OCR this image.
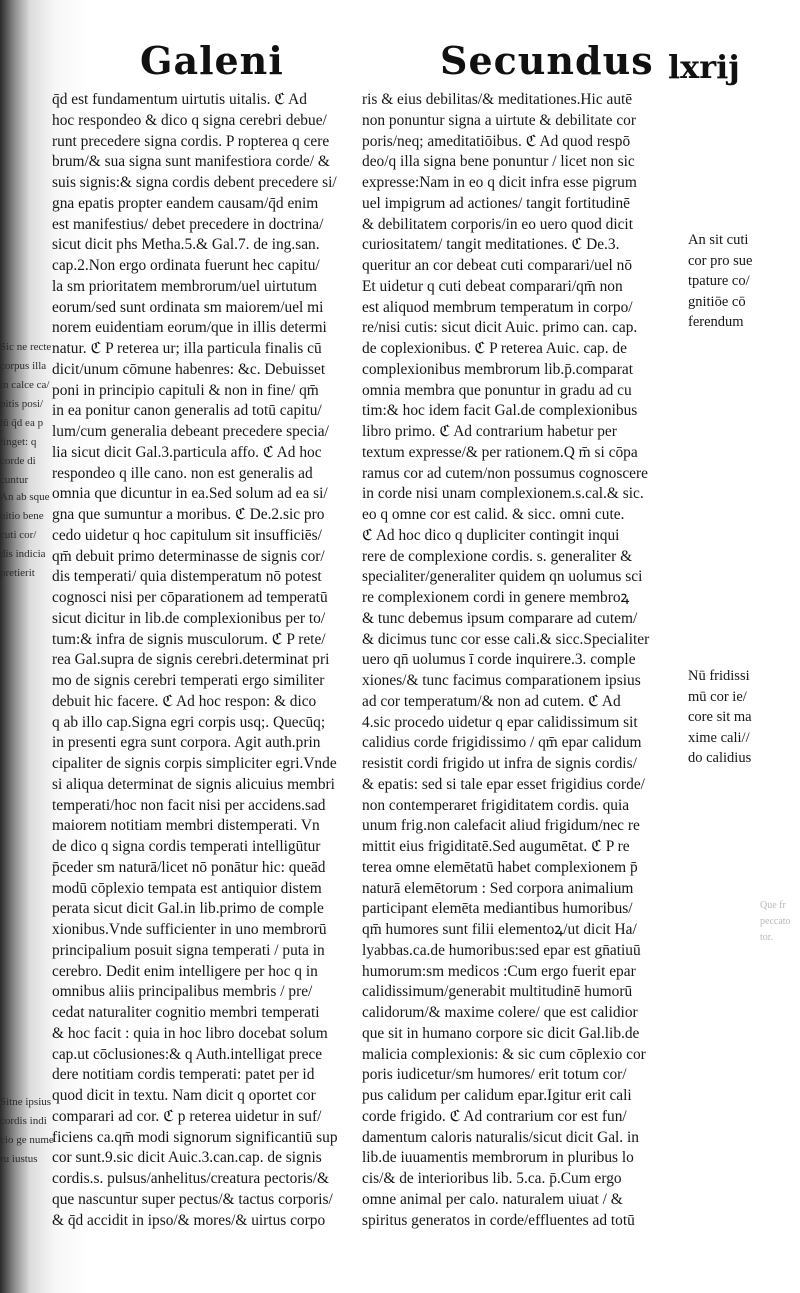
Galeni	Secundus lxrij
Sic ne recte
corpus illa
in calce ca/
pitis posi/
tū q̄d ea p
tinget: q
corde di
cuntur
An ab sque
uitio bene
cuti cor/
dis indicia
pretierit
Sitne ipsius
cordis indi
cio ge nume
ru iustus
q̄d est fundamentum uirtutis uitalis. ℭ Ad
hoc respondeo & dico q signa cerebri debue/
runt precedere signa cordis. P ropterea q cere
brum/& sua signa sunt manifestiora corde/ &
suis signis:& signa cordis debent precedere si/
gna epatis propter eandem causam/q̄d enim
est manifestius/ debet precedere in doctrina/
sicut dicit phs Metha.5.& Gal.7. de ing.san.
cap.2.Non ergo ordinata fuerunt hec capitu/
la sm prioritatem membrorum/uel uirtutum
eorum/sed sunt ordinata sm maiorem/uel mi
norem euidentiam eorum/que in illis determi
natur. ℭ P reterea ur; illa particula finalis cū
dicit/unum cōmune habenres: &c. Debuisset
poni in principio capituli & non in fine/ qm̄
in ea ponitur canon generalis ad totū capitu/
lum/cum generalia debeant precedere specia/
lia sicut dicit Gal.3.particula affo. ℭ Ad hoc
respondeo q ille cano. non est generalis ad
omnia que dicuntur in ea.Sed solum ad ea si/
gna que sumuntur a moribus. ℭ De.2.sic pro
cedo uidetur q hoc capitulum sit insufficiēs/
qm̄ debuit primo determinasse de signis cor/
dis temperati/ quia distemperatum nō potest
cognosci nisi per cōparationem ad temperatū
sicut dicitur in lib.de complexionibus per to/
tum:& infra de signis musculorum. ℭ P rete/
rea Gal.supra de signis cerebri.determinat pri
mo de signis cerebri temperati ergo similiter
debuit hic facere. ℭ Ad hoc respon: & dico
q ab illo cap.Signa egri corpis usq;. Quecūq;
in presenti egra sunt corpora. Agit auth.prin
cipaliter de signis corpis simpliciter egri.Vnde
si aliqua determinat de signis alicuius membri
temperati/hoc non facit nisi per accidens.sad
maiorem notitiam membri distemperati. Vn
de dico q signa cordis temperati intelligūtur
p̄ceder sm naturā/licet nō ponātur hic: queād
modū cōplexio tempata est antiquior distem
perata sicut dicit Gal.in lib.primo de comple
xionibus.Vnde sufficienter in uno membrorū
principalium posuit signa temperati / puta in
cerebro. Dedit enim intelligere per hoc q in
omnibus aliis principalibus membris / pre/
cedat naturaliter cognitio membri temperati
& hoc facit : quia in hoc libro docebat solum
cap.ut cōclusiones:& q Auth.intelligat prece
dere notitiam cordis temperati: patet per id
quod dicit in textu. Nam dicit q oportet cor
comparari ad cor. ℭ p reterea uidetur in suf/
ficiens ca.qm̄ modi signorum significantiū sup
cor sunt.9.sic dicit Auic.3.can.cap. de signis
cordis.s. pulsus/anhelitus/creatura pectoris/&
que nascuntur super pectus/& tactus corporis/
& q̄d accidit in ipso/& mores/& uirtus corpo
ris & eius debilitas/& meditationes.Hic autē
non ponuntur signa a uirtute & debilitate cor
poris/neq; ameditatiōibus. ℭ Ad quod respō
deo/q illa signa bene ponuntur / licet non sic
expresse:Nam in eo q dicit infra esse pigrum
uel impigrum ad actiones/ tangit fortitudinē
& debilitatem corporis/in eo uero quod dicit
curiositatem/ tangit meditationes. ℭ De.3.
queritur an cor debeat cuti comparari/uel nō
Et uidetur q cuti debeat comparari/qm̄ non
est aliquod membrum temperatum in corpo/
re/nisi cutis: sicut dicit Auic. primo can. cap.
de coplexionibus. ℭ P reterea Auic. cap. de
complexionibus membrorum lib.p̄.comparat
omnia membra que ponuntur in gradu ad cu
tim:& hoc idem facit Gal.de complexionibus
libro primo. ℭ Ad contrarium habetur per
textum expresse/& per rationem.Q m̄ si cōpa
ramus cor ad cutem/non possumus cognoscere
in corde nisi unam complexionem.s.cal.& sic.
eo q omne cor est calid. & sicc. omni cute.
ℭ Ad hoc dico q dupliciter contingit inqui
rere de complexione cordis. s. generaliter &
specialiter/generaliter quidem qn uolumus sci
re complexionem cordi in genere membroꝝ
& tunc debemus ipsum comparare ad cutem/
& dicimus tunc cor esse cali.& sicc.Specialiter
uero qn̄ uolumus ī corde inquirere.3. comple
xiones/& tunc facimus comparationem ipsius
ad cor temperatum/& non ad cutem. ℭ Ad
4.sic procedo uidetur q epar calidissimum sit
calidius corde frigidissimo / qm̄ epar calidum
resistit cordi frigido ut infra de signis cordis/
& epatis: sed si tale epar esset frigidius corde/
non contemperaret frigiditatem cordis. quia
unum frig.non calefacit aliud frigidum/nec re
mittit eius frigiditatē.Sed augumētat. ℭ P re
terea omne elemētatū habet complexionem p̄
naturā elemētorum : Sed corpora animalium
participant elemēta mediantibus humoribus/
qm̄ humores sunt filii elementoꝝ/ut dicit Ha/
lyabbas.ca.de humoribus:sed epar est gn̄atiuū
humorum:sm medicos :Cum ergo fuerit epar
calidissimum/generabit multitudinē humorū
calidorum/& maxime colere/ que est calidior
que sit in humano corpore sic dicit Gal.lib.de
malicia complexionis: & sic cum cōplexio cor
poris iudicetur/sm humores/ erit totum cor/
pus calidum per calidum epar.Igitur erit cali
corde frigido. ℭ Ad contrarium cor est fun/
damentum caloris naturalis/sicut dicit Gal. in
lib.de iuuamentis membrorum in pluribus lo
cis/& de interioribus lib. 5.ca. p̄.Cum ergo
omne animal per calo. naturalem uiuat / &
spiritus generatos in corde/effluentes ad totū
An sit cuti
cor pro sue
tpature co/
gnitiōe cō
ferendum
Nū fridissi
mū cor ie/
core sit ma
xime cali//
do calidius
Que fr
peccato
tor.
